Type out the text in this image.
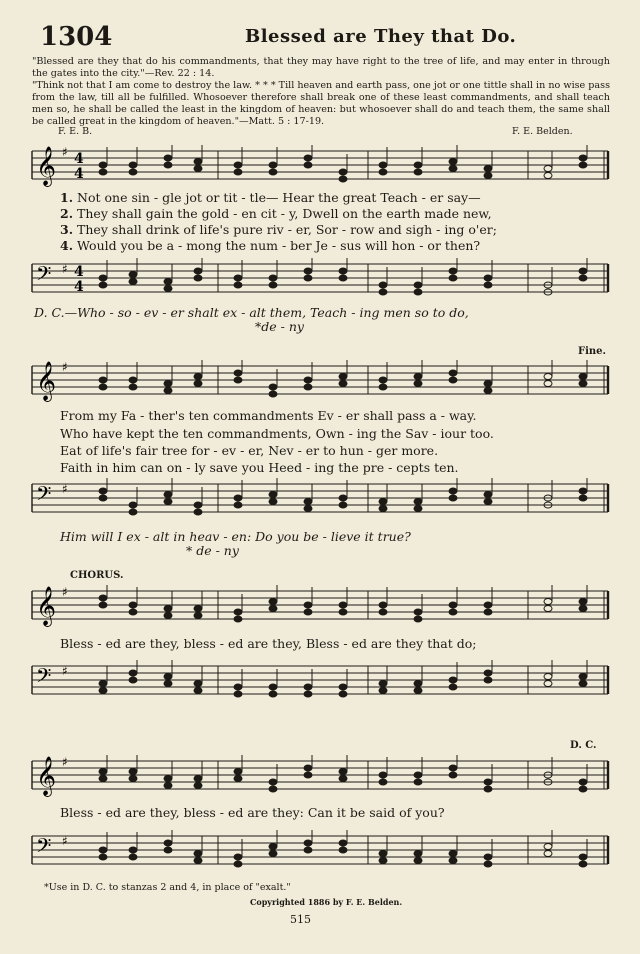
1304	Blessed are They that Do.

"Blessed are they that do his commandments, that they may have right to the tree of life, and may enter in through the gates into the city."—Rev. 22 : 14.

"Think not that I am come to destroy the law. * * * Till heaven and earth pass, one jot or one tittle shall in no wise pass from the law, till all be fulfilled. Whosoever therefore shall break one of these least commandments, and shall teach men so, he shall be called the least in the kingdom of heaven: but whosoever shall do and teach them, the same shall be called great in the kingdom of heaven."—Matt. 5 : 17-19.

F. E. B.	F. E. Belden.
𝄞 ♯ 4
4
1. Not one sin - gle jot or tit - tle— Hear the great Teach - er say—
2. They shall gain the gold - en cit - y, Dwell on the earth made new,
3. They shall drink of life's pure riv - er, Sor - row and sigh - ing o'er;
4. Would you be a - mong the num - ber Je - sus will hon - or then?
𝄢 ♯ 4
4
D. C.—Who - so - ev - er shalt ex - alt them, Teach - ing men so to do,
*de - ny
Fine.
𝄞 ♯
From my Fa - ther's ten commandments Ev - er shall pass a - way.
Who have kept the ten commandments, Own - ing the Sav - iour too.
Eat of life's fair tree for - ev - er, Nev - er to hun - ger more.
Faith in him can on - ly save you Heed - ing the pre - cepts ten.
𝄢 ♯
Him will I ex - alt in heav - en: Do you be - lieve it true?
* de - ny
CHORUS.
𝄞 ♯
Bless - ed are they, bless - ed are they, Bless - ed are they that do;
𝄢 ♯
D. C.
𝄞 ♯
Bless - ed are they, bless - ed are they: Can it be said of you?
𝄢 ♯
*Use in D. C. to stanzas 2 and 4, in place of "exalt."
Copyrighted 1886 by F. E. Belden.
515
